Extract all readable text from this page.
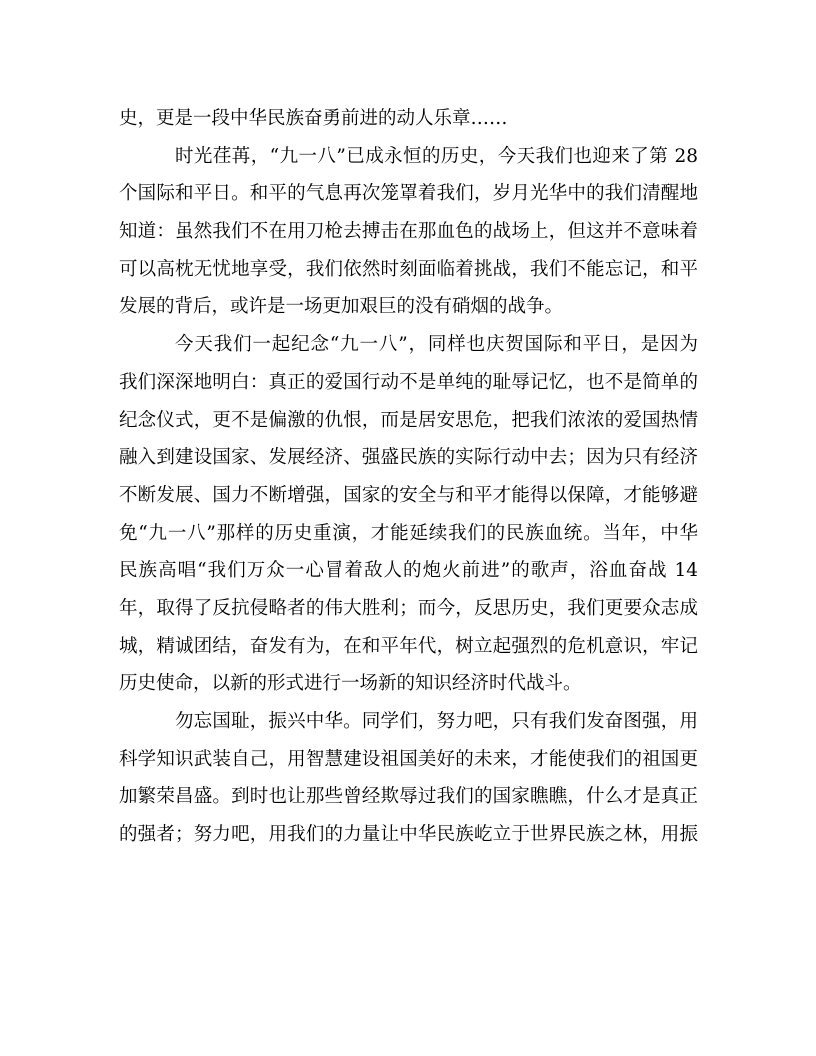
史，更是一段中华民族奋勇前进的动人乐章……
时光荏苒，“九一八”已成永恒的历史，今天我们也迎来了第 28
个国际和平日。和平的气息再次笼罩着我们，岁月光华中的我们清醒地
知道：虽然我们不在用刀枪去搏击在那血色的战场上，但这并不意味着
可以高枕无忧地享受，我们依然时刻面临着挑战，我们不能忘记，和平
发展的背后，或许是一场更加艰巨的没有硝烟的战争。
今天我们一起纪念“九一八”，同样也庆贺国际和平日，是因为
我们深深地明白：真正的爱国行动不是单纯的耻辱记忆，也不是简单的
纪念仪式，更不是偏激的仇恨，而是居安思危，把我们浓浓的爱国热情
融入到建设国家、发展经济、强盛民族的实际行动中去；因为只有经济
不断发展、国力不断增强，国家的安全与和平才能得以保障，才能够避
免“九一八”那样的历史重演，才能延续我们的民族血统。当年，中华
民族高唱“我们万众一心冒着敌人的炮火前进”的歌声，浴血奋战 14
年，取得了反抗侵略者的伟大胜利；而今，反思历史，我们更要众志成
城，精诚团结，奋发有为，在和平年代，树立起强烈的危机意识，牢记
历史使命，以新的形式进行一场新的知识经济时代战斗。
勿忘国耻，振兴中华。同学们，努力吧，只有我们发奋图强，用
科学知识武装自己，用智慧建设祖国美好的未来，才能使我们的祖国更
加繁荣昌盛。到时也让那些曾经欺辱过我们的国家瞧瞧，什么才是真正
的强者；努力吧，用我们的力量让中华民族屹立于世界民族之林，用振
